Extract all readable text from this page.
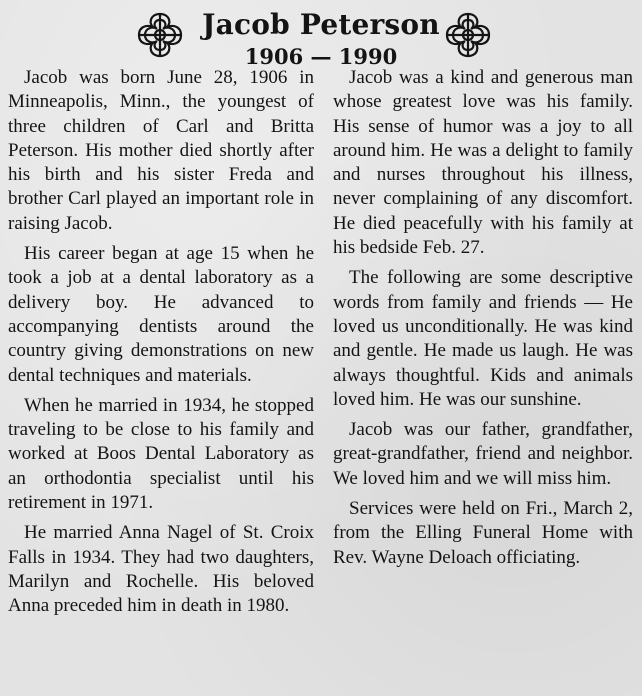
Jacob Peterson
1906 — 1990

Jacob was born June 28, 1906 in Minneapolis, Minn., the youngest of three children of Carl and Britta Peterson. His mother died shortly after his birth and his sister Freda and brother Carl played an important role in raising Jacob.

His career began at age 15 when he took a job at a dental laboratory as a delivery boy. He advanced to accompanying dentists around the country giving demonstrations on new dental techniques and materials.

When he married in 1934, he stopped traveling to be close to his family and worked at Boos Dental Laboratory as an orthodontia specialist until his retirement in 1971.

He married Anna Nagel of St. Croix Falls in 1934. They had two daughters, Marilyn and Rochelle. His beloved Anna preceded him in death in 1980.

Jacob was a kind and generous man whose greatest love was his family. His sense of humor was a joy to all around him. He was a delight to family and nurses throughout his illness, never complaining of any discomfort. He died peacefully with his family at his bedside Feb. 27.

The following are some descriptive words from family and friends — He loved us unconditionally. He was kind and gentle. He made us laugh. He was always thoughtful. Kids and animals loved him. He was our sunshine.

Jacob was our father, grandfather, great-grandfather, friend and neighbor. We loved him and we will miss him.

Services were held on Fri., March 2, from the Elling Funeral Home with Rev. Wayne Deloach officiating.
